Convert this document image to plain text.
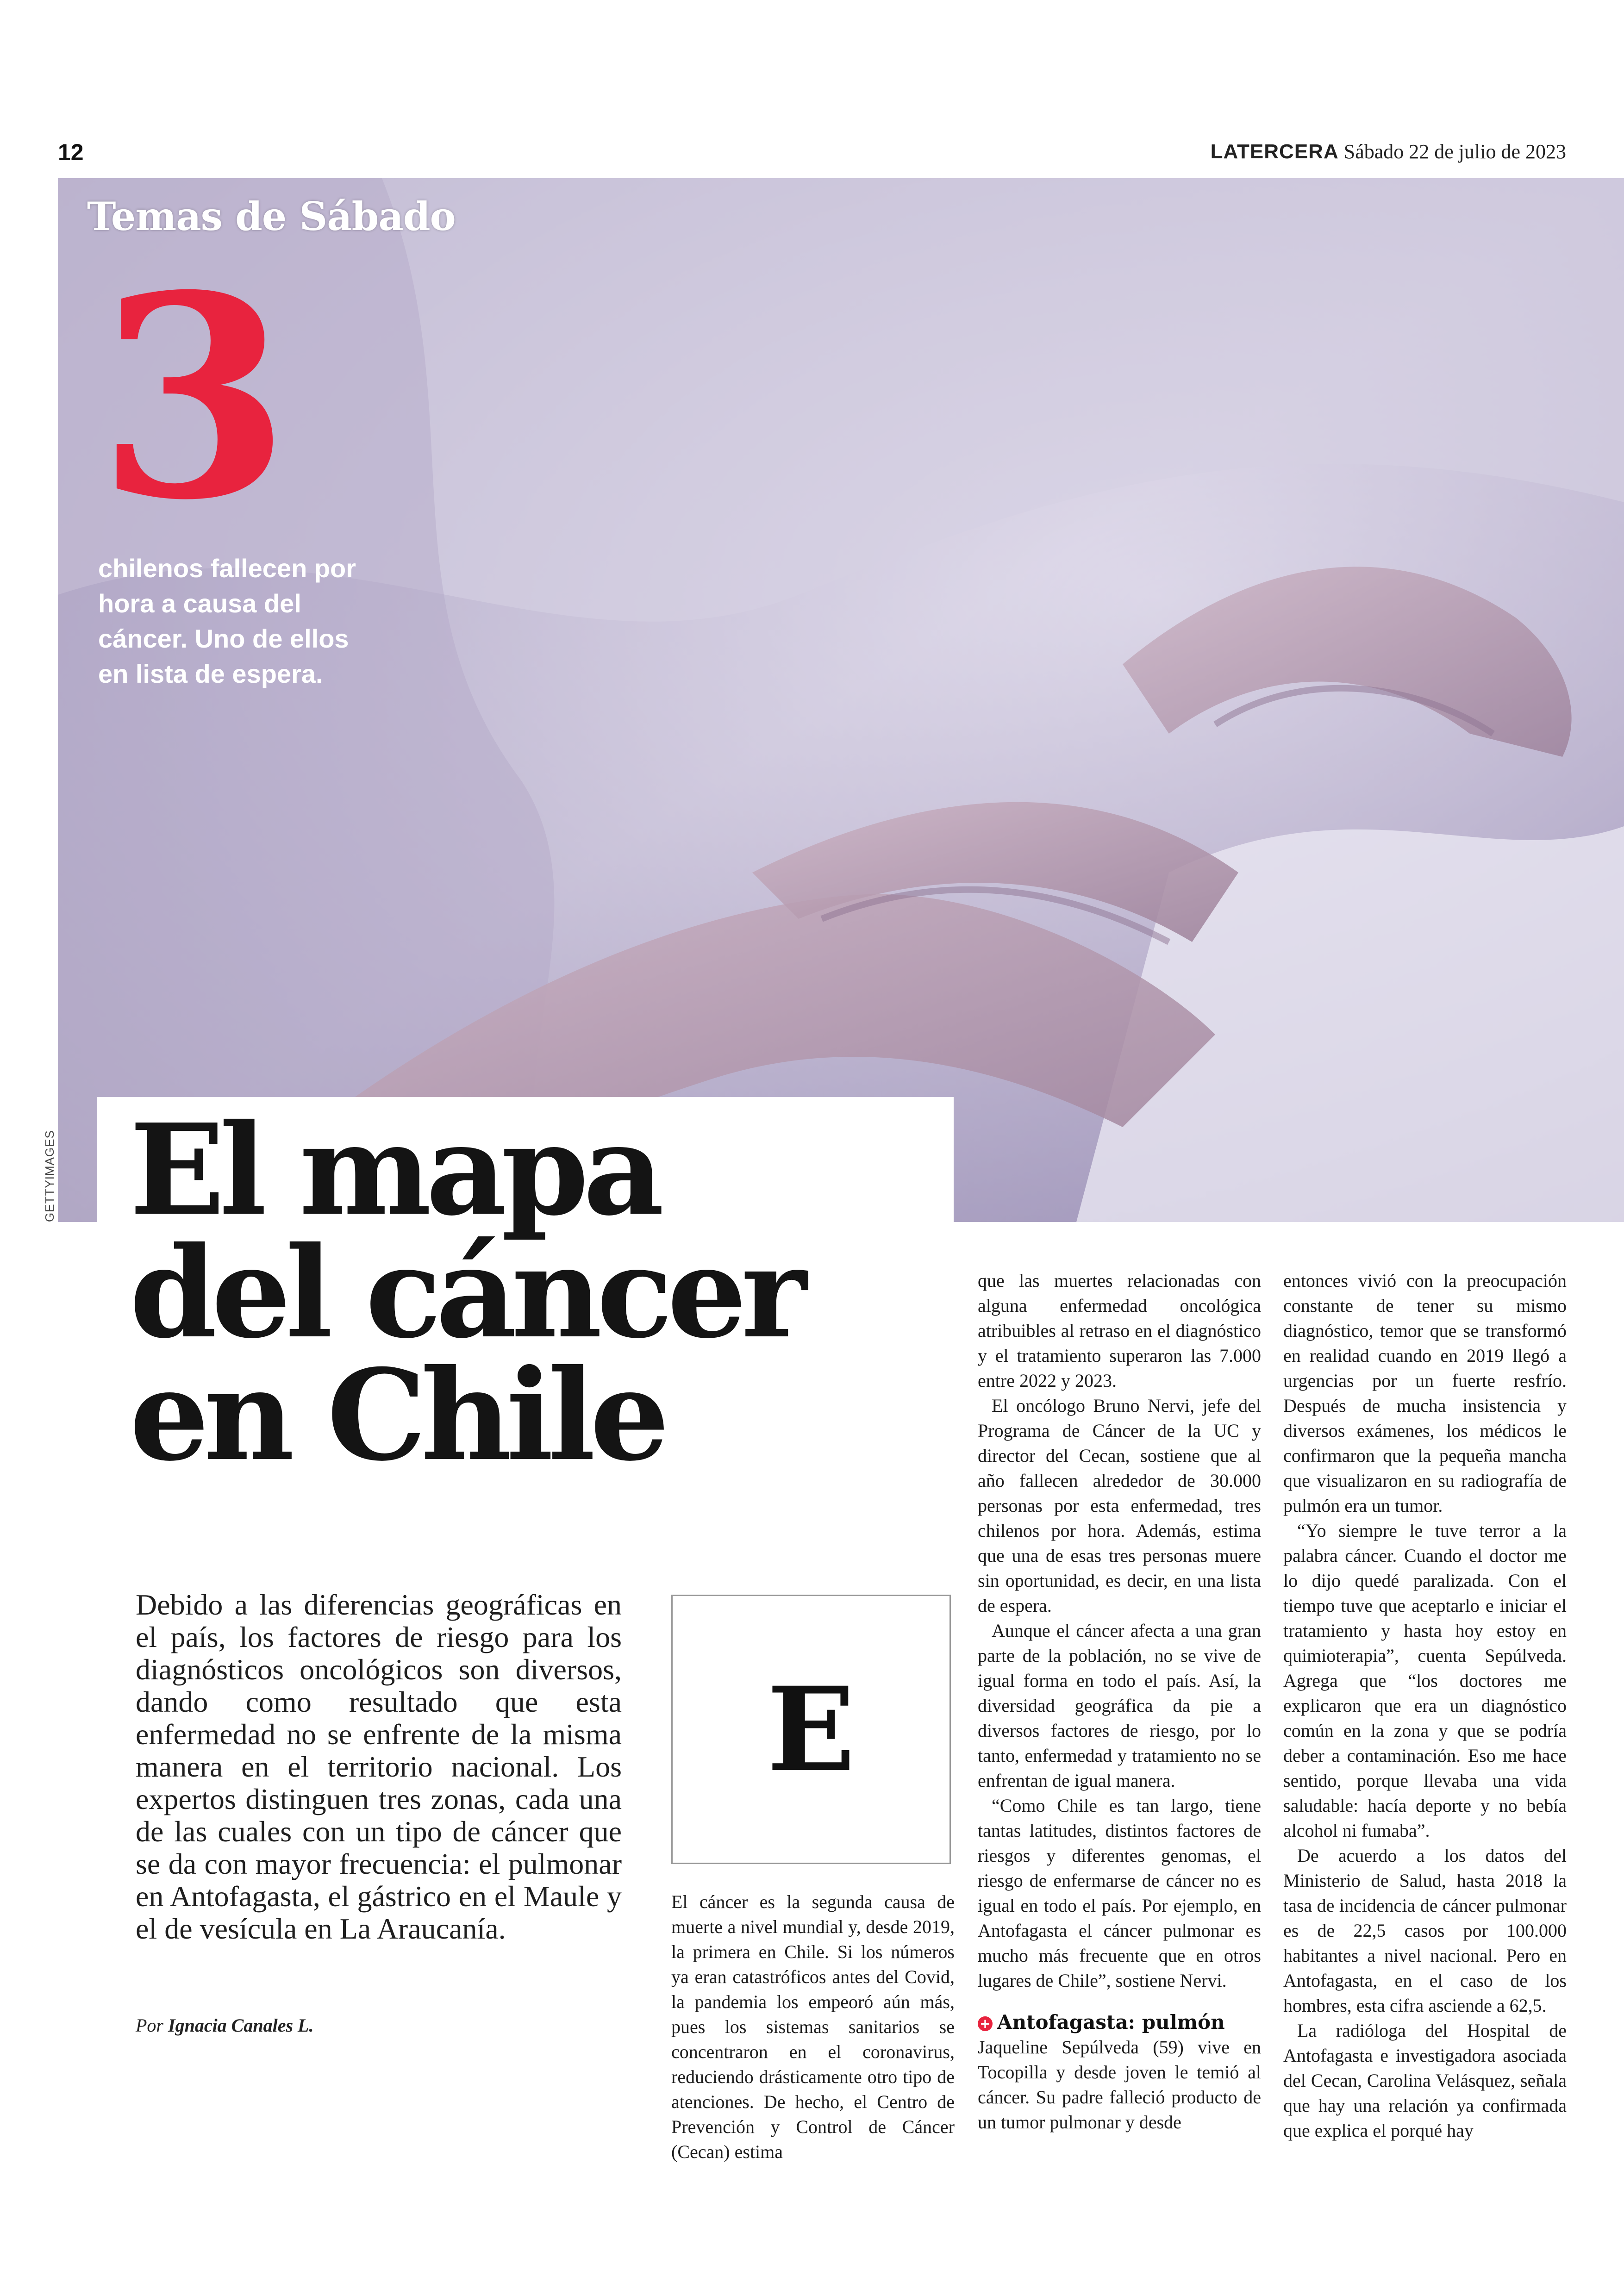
12	LATERCERA Sábado 22 de julio de 2023
Temas de Sábado
3
chilenos fallecen por hora a causa del cáncer. Uno de ellos en lista de espera.
GETTYIMAGES El mapa
del cáncer
en Chile
Debido a las diferencias geográficas en el país, los factores de riesgo para los diagnósticos oncológicos son diversos, dando como resultado que esta enfermedad no se enfrente de la misma manera en el territorio nacional. Los expertos distinguen tres zonas, cada una de las cuales con un tipo de cáncer que se da con mayor frecuencia: el pulmonar en Antofagasta, el gástrico en el Maule y el de vesícula en La Araucanía.
Por Ignacia Canales L.
E

El cáncer es la segunda causa de muerte a nivel mundial y, desde 2019, la primera en Chile. Si los números ya eran catastróficos antes del Covid, la pandemia los empeoró aún más, pues los sistemas sanitarios se concentraron en el coronavirus, reduciendo drásticamente otro tipo de atenciones. De hecho, el Centro de Prevención y Control de Cáncer (Cecan) estima

que las muertes relacionadas con alguna enfermedad oncológica atribuibles al retraso en el diagnóstico y el tratamiento superaron las 7.000 entre 2022 y 2023.

El oncólogo Bruno Nervi, jefe del Programa de Cáncer de la UC y director del Cecan, sostiene que al año fallecen alrededor de 30.000 personas por esta enfermedad, tres chilenos por hora. Además, estima que una de esas tres personas muere sin oportunidad, es decir, en una lista de espera.

Aunque el cáncer afecta a una gran parte de la población, no se vive de igual forma en todo el país. Así, la diversidad geográfica da pie a diversos factores de riesgo, por lo tanto, enfermedad y tratamiento no se enfrentan de igual manera.

“Como Chile es tan largo, tiene tantas latitudes, distintos factores de riesgos y diferentes genomas, el riesgo de enfermarse de cáncer no es igual en todo el país. Por ejemplo, en Antofagasta el cáncer pulmonar es mucho más frecuente que en otros lugares de Chile”, sostiene Nervi.

+ Antofagasta: pulmón

Jaqueline Sepúlveda (59) vive en Tocopilla y desde joven le temió al cáncer. Su padre falleció producto de un tumor pulmonar y desde

entonces vivió con la preocupación constante de tener su mismo diagnóstico, temor que se transformó en realidad cuando en 2019 llegó a urgencias por un fuerte resfrío. Después de mucha insistencia y diversos exámenes, los médicos le confirmaron que la pequeña mancha que visualizaron en su radiografía de pulmón era un tumor.

“Yo siempre le tuve terror a la palabra cáncer. Cuando el doctor me lo dijo quedé paralizada. Con el tiempo tuve que aceptarlo e iniciar el tratamiento y hasta hoy estoy en quimioterapia”, cuenta Sepúlveda. Agrega que “los doctores me explicaron que era un diagnóstico común en la zona y que se podría deber a contaminación. Eso me hace sentido, porque llevaba una vida saludable: hacía deporte y no bebía alcohol ni fumaba”.

De acuerdo a los datos del Ministerio de Salud, hasta 2018 la tasa de incidencia de cáncer pulmonar es de 22,5 casos por 100.000 habitantes a nivel nacional. Pero en Antofagasta, en el caso de los hombres, esta cifra asciende a 62,5.

La radióloga del Hospital de Antofagasta e investigadora asociada del Cecan, Carolina Velásquez, señala que hay una relación ya confirmada que explica el porqué hay
